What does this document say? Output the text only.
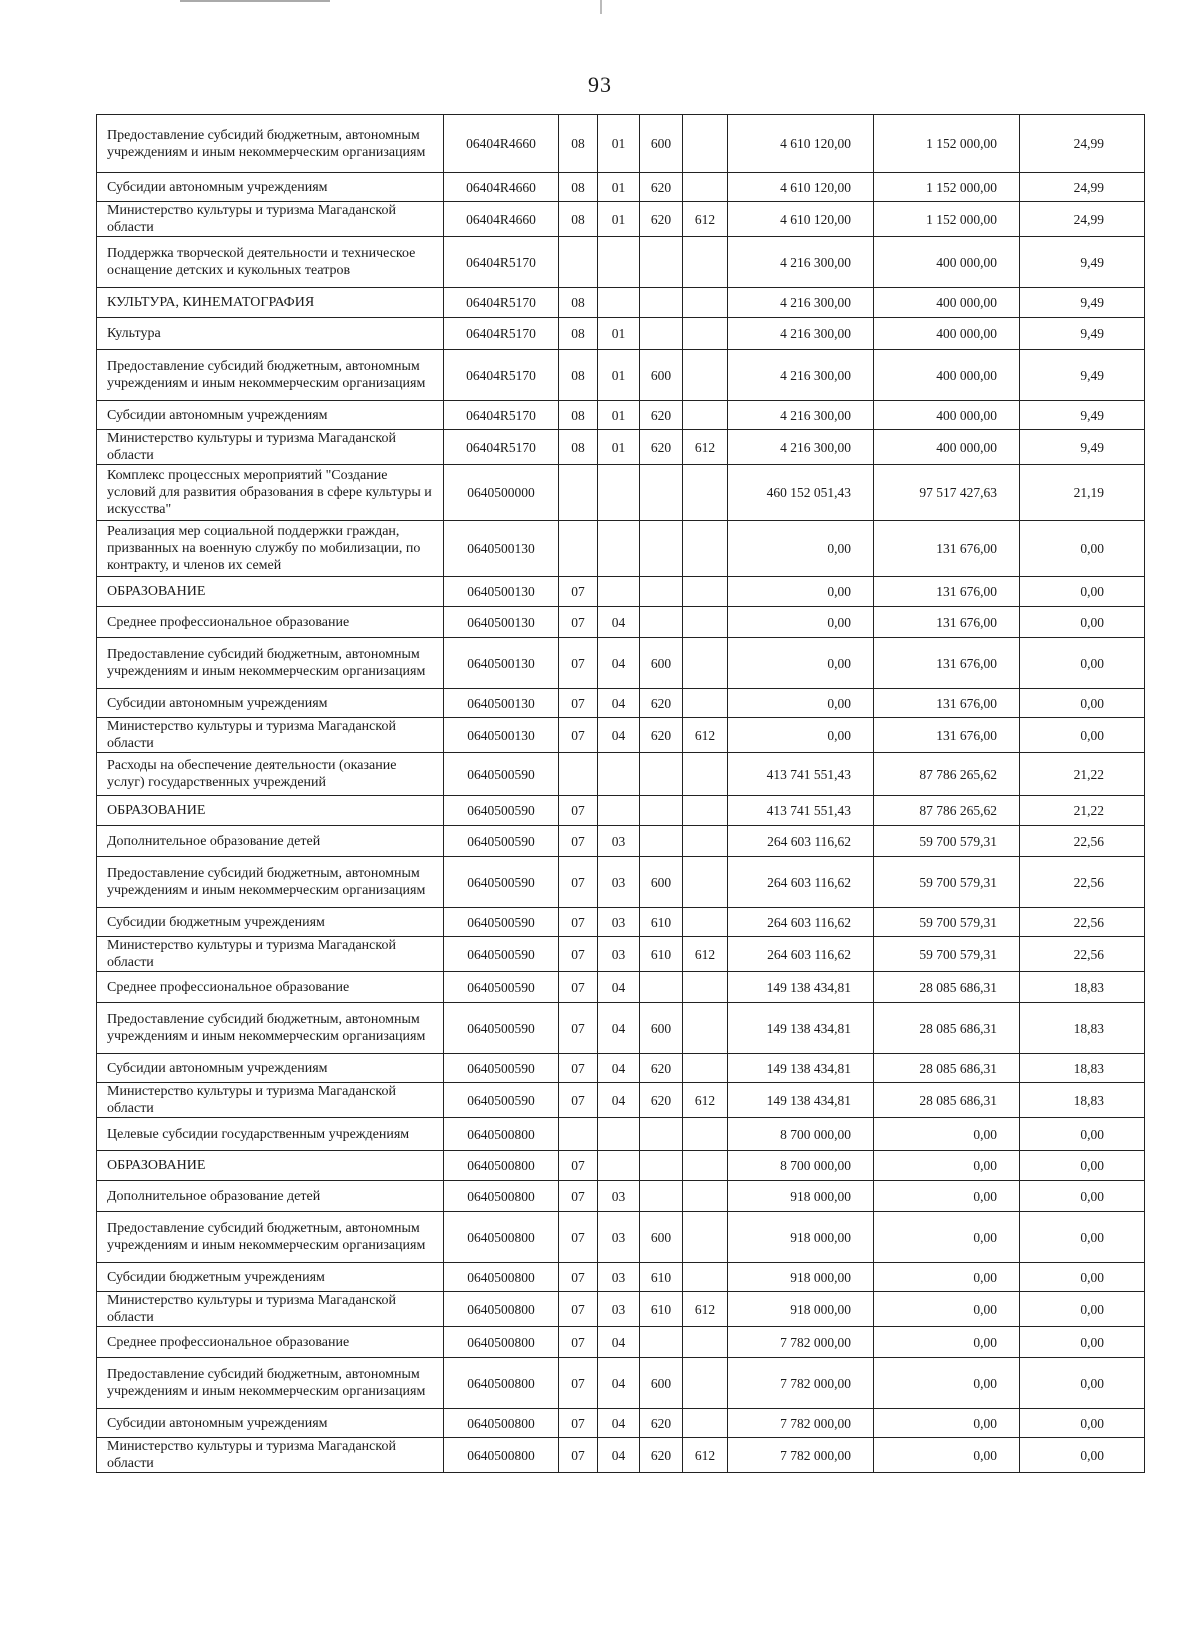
93
Предоставление субсидий бюджетным, автономным учреждениям и иным некоммерческим организациям	06404R4660	08	01	600		4 610 120,00	1 152 000,00	24,99
Субсидии автономным учреждениям	06404R4660	08	01	620		4 610 120,00	1 152 000,00	24,99
Министерство культуры и туризма Магаданской области	06404R4660	08	01	620	612	4 610 120,00	1 152 000,00	24,99
Поддержка творческой деятельности и техническое оснащение детских и кукольных театров	06404R5170					4 216 300,00	400 000,00	9,49
КУЛЬТУРА, КИНЕМАТОГРАФИЯ	06404R5170	08				4 216 300,00	400 000,00	9,49
Культура	06404R5170	08	01			4 216 300,00	400 000,00	9,49
Предоставление субсидий бюджетным, автономным учреждениям и иным некоммерческим организациям	06404R5170	08	01	600		4 216 300,00	400 000,00	9,49
Субсидии автономным учреждениям	06404R5170	08	01	620		4 216 300,00	400 000,00	9,49
Министерство культуры и туризма Магаданской области	06404R5170	08	01	620	612	4 216 300,00	400 000,00	9,49
Комплекс процессных мероприятий "Создание условий для развития образования в сфере культуры и искусства"	0640500000					460 152 051,43	97 517 427,63	21,19
Реализация мер социальной поддержки граждан, призванных на военную службу по мобилизации, по контракту, и членов их семей	0640500130					0,00	131 676,00	0,00
ОБРАЗОВАНИЕ	0640500130	07				0,00	131 676,00	0,00
Среднее профессиональное образование	0640500130	07	04			0,00	131 676,00	0,00
Предоставление субсидий бюджетным, автономным учреждениям и иным некоммерческим организациям	0640500130	07	04	600		0,00	131 676,00	0,00
Субсидии автономным учреждениям	0640500130	07	04	620		0,00	131 676,00	0,00
Министерство культуры и туризма Магаданской области	0640500130	07	04	620	612	0,00	131 676,00	0,00
Расходы на обеспечение деятельности (оказание услуг) государственных учреждений	0640500590					413 741 551,43	87 786 265,62	21,22
ОБРАЗОВАНИЕ	0640500590	07				413 741 551,43	87 786 265,62	21,22
Дополнительное образование детей	0640500590	07	03			264 603 116,62	59 700 579,31	22,56
Предоставление субсидий бюджетным, автономным учреждениям и иным некоммерческим организациям	0640500590	07	03	600		264 603 116,62	59 700 579,31	22,56
Субсидии бюджетным учреждениям	0640500590	07	03	610		264 603 116,62	59 700 579,31	22,56
Министерство культуры и туризма Магаданской области	0640500590	07	03	610	612	264 603 116,62	59 700 579,31	22,56
Среднее профессиональное образование	0640500590	07	04			149 138 434,81	28 085 686,31	18,83
Предоставление субсидий бюджетным, автономным учреждениям и иным некоммерческим организациям	0640500590	07	04	600		149 138 434,81	28 085 686,31	18,83
Субсидии автономным учреждениям	0640500590	07	04	620		149 138 434,81	28 085 686,31	18,83
Министерство культуры и туризма Магаданской области	0640500590	07	04	620	612	149 138 434,81	28 085 686,31	18,83
Целевые субсидии государственным учреждениям	0640500800					8 700 000,00	0,00	0,00
ОБРАЗОВАНИЕ	0640500800	07				8 700 000,00	0,00	0,00
Дополнительное образование детей	0640500800	07	03			918 000,00	0,00	0,00
Предоставление субсидий бюджетным, автономным учреждениям и иным некоммерческим организациям	0640500800	07	03	600		918 000,00	0,00	0,00
Субсидии бюджетным учреждениям	0640500800	07	03	610		918 000,00	0,00	0,00
Министерство культуры и туризма Магаданской области	0640500800	07	03	610	612	918 000,00	0,00	0,00
Среднее профессиональное образование	0640500800	07	04			7 782 000,00	0,00	0,00
Предоставление субсидий бюджетным, автономным учреждениям и иным некоммерческим организациям	0640500800	07	04	600		7 782 000,00	0,00	0,00
Субсидии автономным учреждениям	0640500800	07	04	620		7 782 000,00	0,00	0,00
Министерство культуры и туризма Магаданской области	0640500800	07	04	620	612	7 782 000,00	0,00	0,00
